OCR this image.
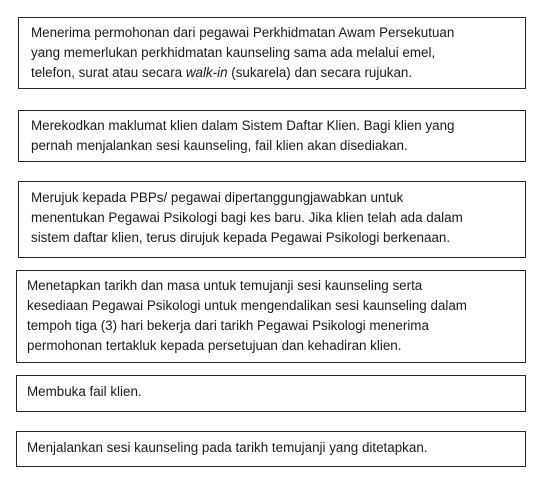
Menerima permohonan dari pegawai Perkhidmatan Awam Persekutuan
yang memerlukan perkhidmatan kaunseling sama ada melalui emel,
telefon, surat atau secara walk-in (sukarela) dan secara rujukan.
Merekodkan maklumat klien dalam Sistem Daftar Klien. Bagi klien yang
pernah menjalankan sesi kaunseling, fail klien akan disediakan.
Merujuk kepada PBPs/ pegawai dipertanggungjawabkan untuk
menentukan Pegawai Psikologi bagi kes baru. Jika klien telah ada dalam
sistem daftar klien, terus dirujuk kepada Pegawai Psikologi berkenaan.
Menetapkan tarikh dan masa untuk temujanji sesi kaunseling serta
kesediaan Pegawai Psikologi untuk mengendalikan sesi kaunseling dalam
tempoh tiga (3) hari bekerja dari tarikh Pegawai Psikologi menerima
permohonan tertakluk kepada persetujuan dan kehadiran klien.
Membuka fail klien.
Menjalankan sesi kaunseling pada tarikh temujanji yang ditetapkan.
